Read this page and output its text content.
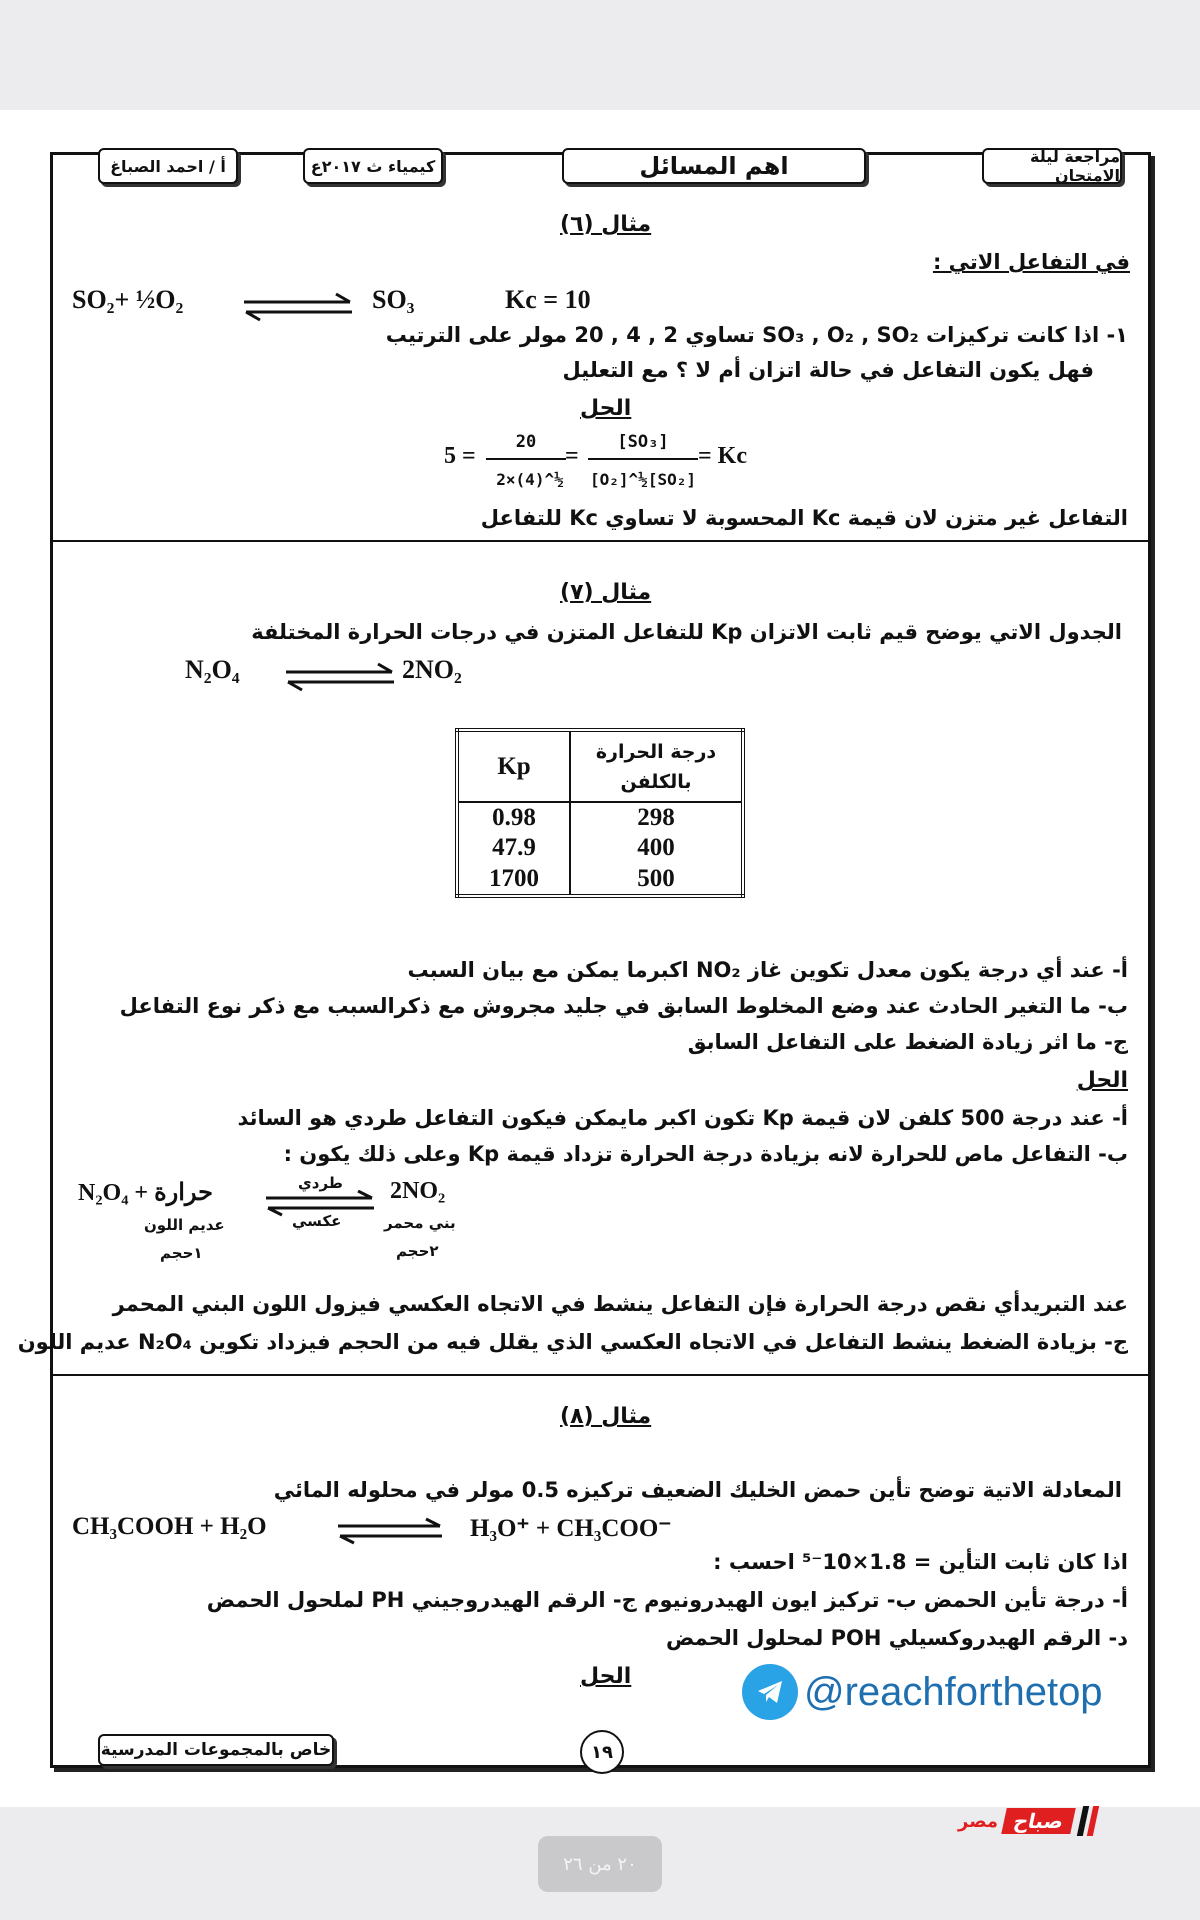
مراجعة ليلة الامتحان
اهم المسائل
كيمياء ث ٢٠١٧ع
أ / احمد الصباغ
مثال (٦)
في التفاعل الاتي :
SO₂+ ½O₂	SO₃	Kc = 10
١- اذا كانت تركيزات SO₃ , O₂ , SO₂ تساوي 2 , 4 , 20 مولر على الترتيب
فهل يكون التفاعل في حالة اتزان أم لا ؟ مع التعليل
الحل
5 =
20
2×(4)^½
=
[SO₃]
[O₂]^½[SO₂]
= Kc
التفاعل غير متزن لان قيمة Kc المحسوبة لا تساوي Kc للتفاعل
مثال (٧)
الجدول الاتي يوضح قيم ثابت الاتزان Kp للتفاعل المتزن في درجات الحرارة المختلفة
N₂O₄	2NO₂
Kp	درجة الحرارة بالكلفن
0.98	298
47.9	400
1700	500
أ- عند أي درجة يكون معدل تكوين غاز NO₂ اكبرما يمكن مع بيان السبب
ب- ما التغير الحادث عند وضع المخلوط السابق في جليد مجروش مع ذكرالسبب مع ذكر نوع التفاعل
ج- ما اثر زيادة الضغط على التفاعل السابق
الحل
أ- عند درجة 500 كلفن لان قيمة Kp تكون اكبر مايمكن فيكون التفاعل طردي هو السائد
ب- التفاعل ماص للحرارة لانه بزيادة درجة الحرارة تزداد قيمة Kp وعلى ذلك يكون :
N₂O₄ + حرارة
عديم اللون
١حجم
طردي
عكسي
2NO₂
بني محمر
٢حجم
عند التبريدأي نقص درجة الحرارة فإن التفاعل ينشط في الاتجاه العكسي فيزول اللون البني المحمر
ج- بزيادة الضغط ينشط التفاعل في الاتجاه العكسي الذي يقلل فيه من الحجم فيزداد تكوين N₂O₄ عديم اللون
مثال (٨)
المعادلة الاتية توضح تأين حمض الخليك الضعيف تركيزه 0.5 مولر في محلوله المائي
CH₃COOH + H₂O	H₃O⁺ + CH₃COO⁻
اذا كان ثابت التأين = 1.8×10⁻⁵ احسب :
أ- درجة تأين الحمض ب- تركيز ايون الهيدرونيوم ج- الرقم الهيدروجيني PH لملحول الحمض
د- الرقم الهيدروكسيلي POH لمحلول الحمض
الحل	@reachforthetop
خاص بالمجموعات المدرسية	١٩
مصر صباح
٢٠ من ٢٦
